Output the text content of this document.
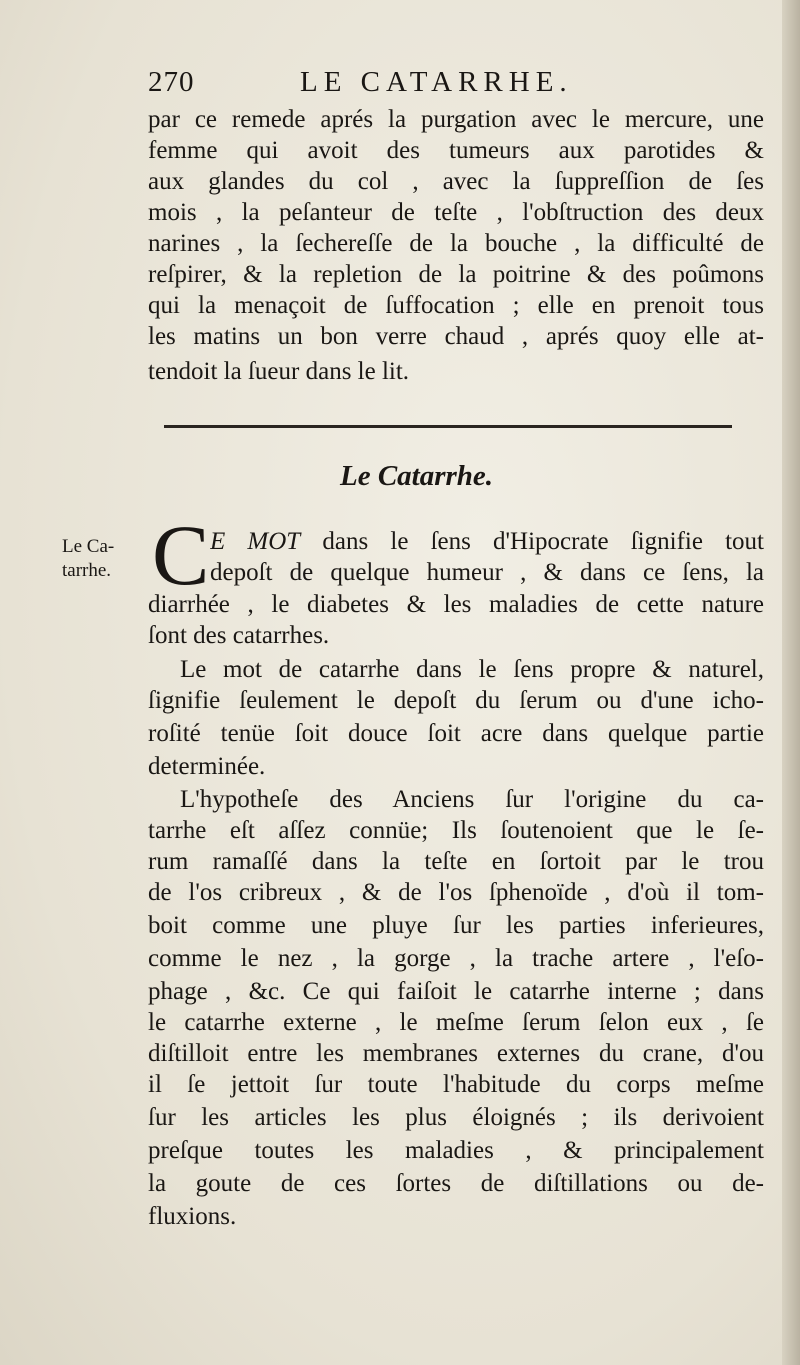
270	LE CATARRHE.
par ce remede aprés la purgation avec le mercure, une
femme qui avoit des tumeurs aux parotides &
aux glandes du col , avec la ſuppreſſion de ſes
mois , la peſanteur de teſte , l'obſtruction des deux
narines , la ſechereſſe de la bouche , la difficulté de
reſpirer, & la repletion de la poitrine & des poûmons
qui la menaçoit de ſuffocation ; elle en prenoit tous
les matins un bon verre chaud , aprés quoy elle at-
tendoit la ſueur dans le lit.
Le Catarrhe.
Le Ca-
tarrhe. C E MOT dans le ſens d'Hipocrate ſignifie tout
depoſt de quelque humeur , & dans ce ſens, la
diarrhée , le diabetes & les maladies de cette nature
ſont des catarrhes.
Le mot de catarrhe dans le ſens propre & naturel,
ſignifie ſeulement le depoſt du ſerum ou d'une icho-
roſité tenüe ſoit douce ſoit acre dans quelque partie
determinée.
L'hypotheſe des Anciens ſur l'origine du ca-
tarrhe eſt aſſez connüe; Ils ſoutenoient que le ſe-
rum ramaſſé dans la teſte en ſortoit par le trou
de l'os cribreux , & de l'os ſphenoïde , d'où il tom-
boit comme une pluye ſur les parties inferieures,
comme le nez , la gorge , la trache artere , l'eſo-
phage , &c. Ce qui faiſoit le catarrhe interne ; dans
le catarrhe externe , le meſme ſerum ſelon eux , ſe
diſtilloit entre les membranes externes du crane, d'ou
il ſe jettoit ſur toute l'habitude du corps meſme
ſur les articles les plus éloignés ; ils derivoient
preſque toutes les maladies , & principalement
la goute de ces ſortes de diſtillations ou de-
fluxions.
